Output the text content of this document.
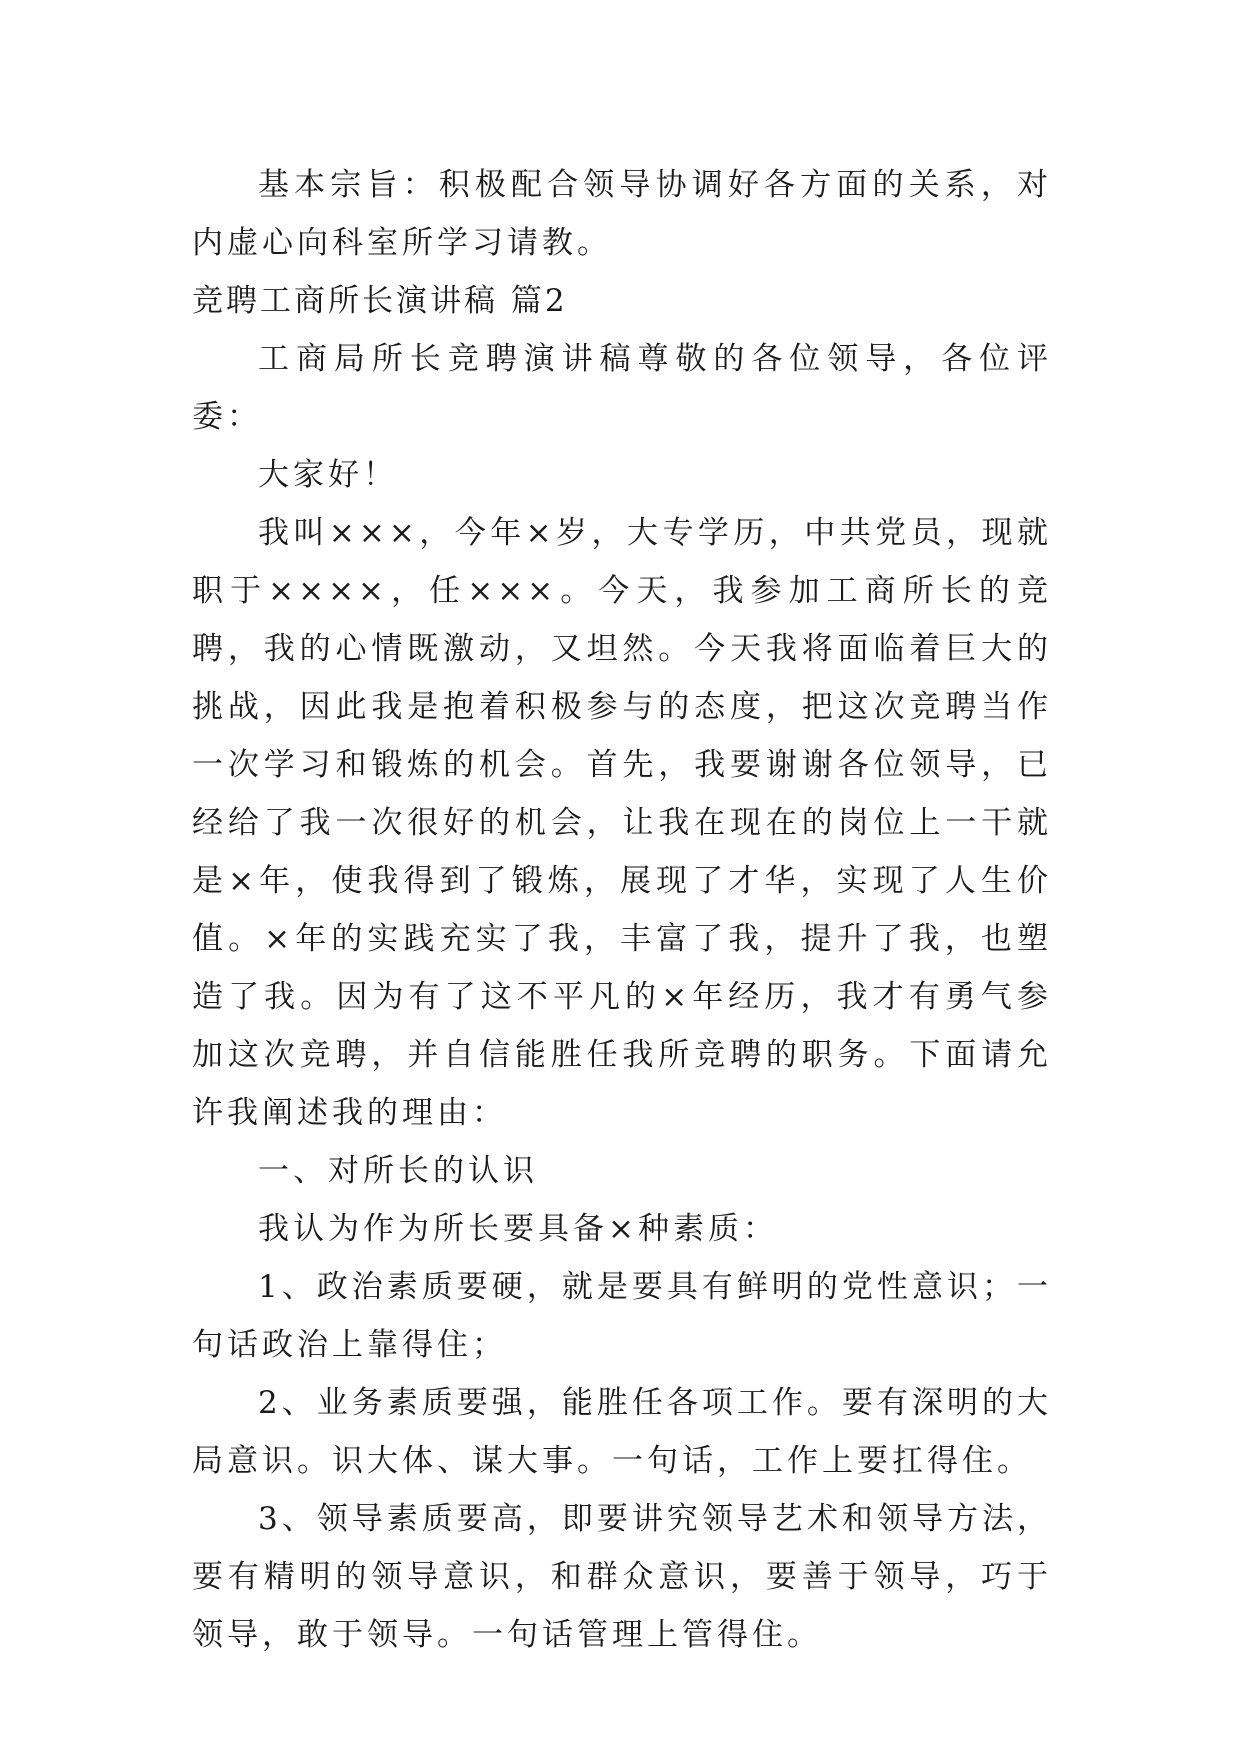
基本宗旨：积极配合领导协调好各方面的关系，对内虚心向科室所学习请教。

竞聘工商所长演讲稿 篇2

工商局所长竞聘演讲稿尊敬的各位领导，各位评委：

大家好！

我叫×××，今年×岁，大专学历，中共党员，现就职于××××，任×××。今天，我参加工商所长的竞聘，我的心情既激动，又坦然。今天我将面临着巨大的挑战，因此我是抱着积极参与的态度，把这次竞聘当作一次学习和锻炼的机会。首先，我要谢谢各位领导，已经给了我一次很好的机会，让我在现在的岗位上一干就是×年，使我得到了锻炼，展现了才华，实现了人生价值。×年的实践充实了我，丰富了我，提升了我，也塑造了我。因为有了这不平凡的×年经历，我才有勇气参加这次竞聘，并自信能胜任我所竞聘的职务。下面请允许我阐述我的理由：

一、对所长的认识

我认为作为所长要具备×种素质：

1、政治素质要硬，就是要具有鲜明的党性意识；一句话政治上靠得住；

2、业务素质要强，能胜任各项工作。要有深明的大局意识。识大体、谋大事。一句话，工作上要扛得住。

3、领导素质要高，即要讲究领导艺术和领导方法，要有精明的领导意识，和群众意识，要善于领导，巧于领导，敢于领导。一句话管理上管得住。
